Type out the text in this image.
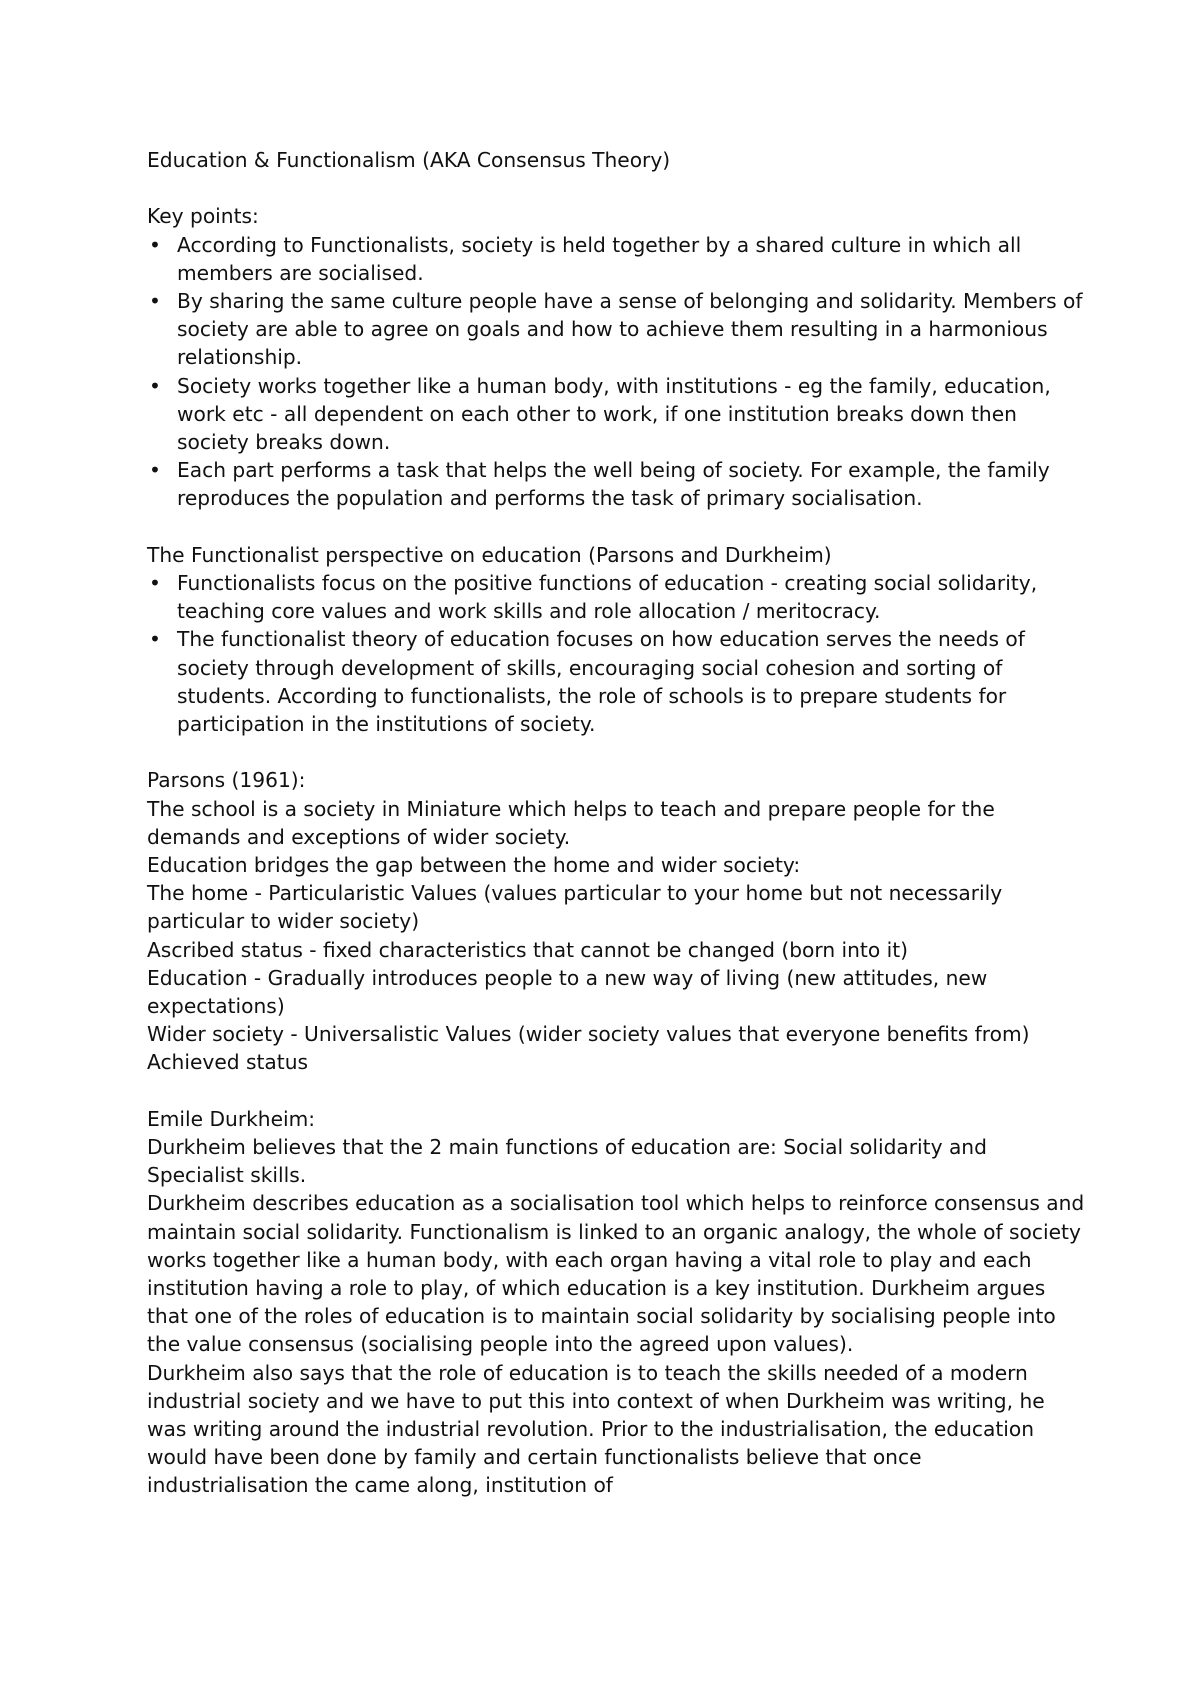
Education & Functionalism (AKA Consensus Theory)

Key points:

• According to Functionalists, society is held together by a shared culture in which all members are socialised.
• By sharing the same culture people have a sense of belonging and solidarity. Members of society are able to agree on goals and how to achieve them resulting in a harmonious relationship.
• Society works together like a human body, with institutions - eg the family, education, work etc - all dependent on each other to work, if one institution breaks down then society breaks down.
• Each part performs a task that helps the well being of society. For example, the family reproduces the population and performs the task of primary socialisation.

The Functionalist perspective on education (Parsons and Durkheim)

• Functionalists focus on the positive functions of education - creating social solidarity, teaching core values and work skills and role allocation / meritocracy.
• The functionalist theory of education focuses on how education serves the needs of society through development of skills, encouraging social cohesion and sorting of students. According to functionalists, the role of schools is to prepare students for participation in the institutions of society.

Parsons (1961):

The school is a society in Miniature which helps to teach and prepare people for the demands and exceptions of wider society.

Education bridges the gap between the home and wider society:

The home - Particularistic Values (values particular to your home but not necessarily particular to wider society)

Ascribed status - fixed characteristics that cannot be changed (born into it)

Education - Gradually introduces people to a new way of living (new attitudes, new expectations)

Wider society - Universalistic Values (wider society values that everyone benefits from)

Achieved status

Emile Durkheim:

Durkheim believes that the 2 main functions of education are: Social solidarity and Specialist skills.

Durkheim describes education as a socialisation tool which helps to reinforce consensus and maintain social solidarity. Functionalism is linked to an organic analogy, the whole of society works together like a human body, with each organ having a vital role to play and each institution having a role to play, of which education is a key institution. Durkheim argues that one of the roles of education is to maintain social solidarity by socialising people into the value consensus (socialising people into the agreed upon values).

Durkheim also says that the role of education is to teach the skills needed of a modern industrial society and we have to put this into context of when Durkheim was writing, he was writing around the industrial revolution. Prior to the industrialisation, the education would have been done by family and certain functionalists believe that once industrialisation the came along, institution of
